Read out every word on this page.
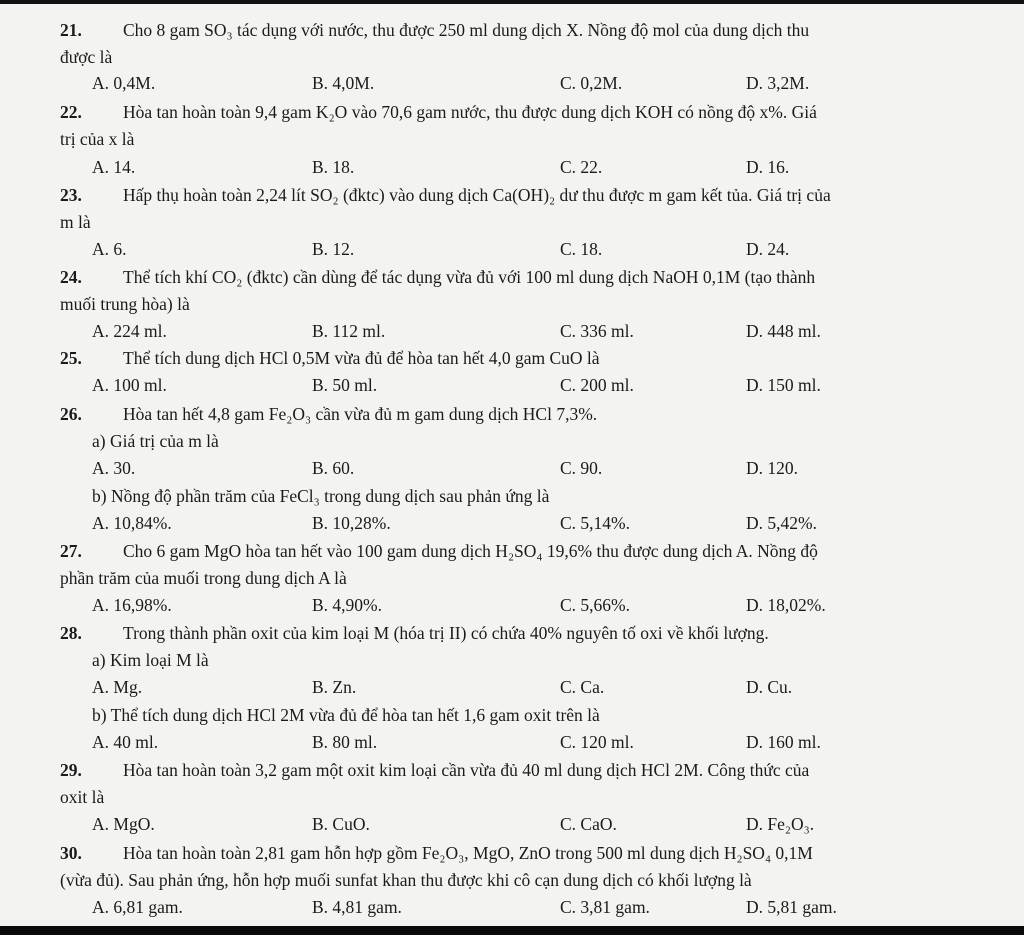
21. Cho 8 gam SO₃ tác dụng với nước, thu được 250 ml dung dịch X. Nồng độ mol của dung dịch thu
được là
A. 0,4M.	B. 4,0M.	C. 0,2M.	D. 3,2M.
22. Hòa tan hoàn toàn 9,4 gam K₂O vào 70,6 gam nước, thu được dung dịch KOH có nồng độ x%. Giá
trị của x là
A. 14.	B. 18.	C. 22.	D. 16.
23. Hấp thụ hoàn toàn 2,24 lít SO₂ (đktc) vào dung dịch Ca(OH)₂ dư thu được m gam kết tủa. Giá trị của
m là
A. 6.	B. 12.	C. 18.	D. 24.
24. Thể tích khí CO₂ (đktc) cần dùng để tác dụng vừa đủ với 100 ml dung dịch NaOH 0,1M (tạo thành
muối trung hòa) là
A. 224 ml.	B. 112 ml.	C. 336 ml.	D. 448 ml.
25. Thể tích dung dịch HCl 0,5M vừa đủ để hòa tan hết 4,0 gam CuO là
A. 100 ml.	B. 50 ml.	C. 200 ml.	D. 150 ml.
26. Hòa tan hết 4,8 gam Fe₂O₃ cần vừa đủ m gam dung dịch HCl 7,3%.
a) Giá trị của m là
A. 30.	B. 60.	C. 90.	D. 120.
b) Nồng độ phần trăm của FeCl₃ trong dung dịch sau phản ứng là
A. 10,84%.	B. 10,28%.	C. 5,14%.	D. 5,42%.
27. Cho 6 gam MgO hòa tan hết vào 100 gam dung dịch H₂SO₄ 19,6% thu được dung dịch A. Nồng độ
phần trăm của muối trong dung dịch A là
A. 16,98%.	B. 4,90%.	C. 5,66%.	D. 18,02%.
28. Trong thành phần oxit của kim loại M (hóa trị II) có chứa 40% nguyên tố oxi về khối lượng.
a) Kim loại M là
A. Mg.	B. Zn.	C. Ca.	D. Cu.
b) Thể tích dung dịch HCl 2M vừa đủ để hòa tan hết 1,6 gam oxit trên là
A. 40 ml.	B. 80 ml.	C. 120 ml.	D. 160 ml.
29. Hòa tan hoàn toàn 3,2 gam một oxit kim loại cần vừa đủ 40 ml dung dịch HCl 2M. Công thức của
oxit là
A. MgO.	B. CuO.	C. CaO.	D. Fe₂O₃.
30. Hòa tan hoàn toàn 2,81 gam hỗn hợp gồm Fe₂O₃, MgO, ZnO trong 500 ml dung dịch H₂SO₄ 0,1M
(vừa đủ). Sau phản ứng, hỗn hợp muối sunfat khan thu được khi cô cạn dung dịch có khối lượng là
A. 6,81 gam.	B. 4,81 gam.	C. 3,81 gam.	D. 5,81 gam.
